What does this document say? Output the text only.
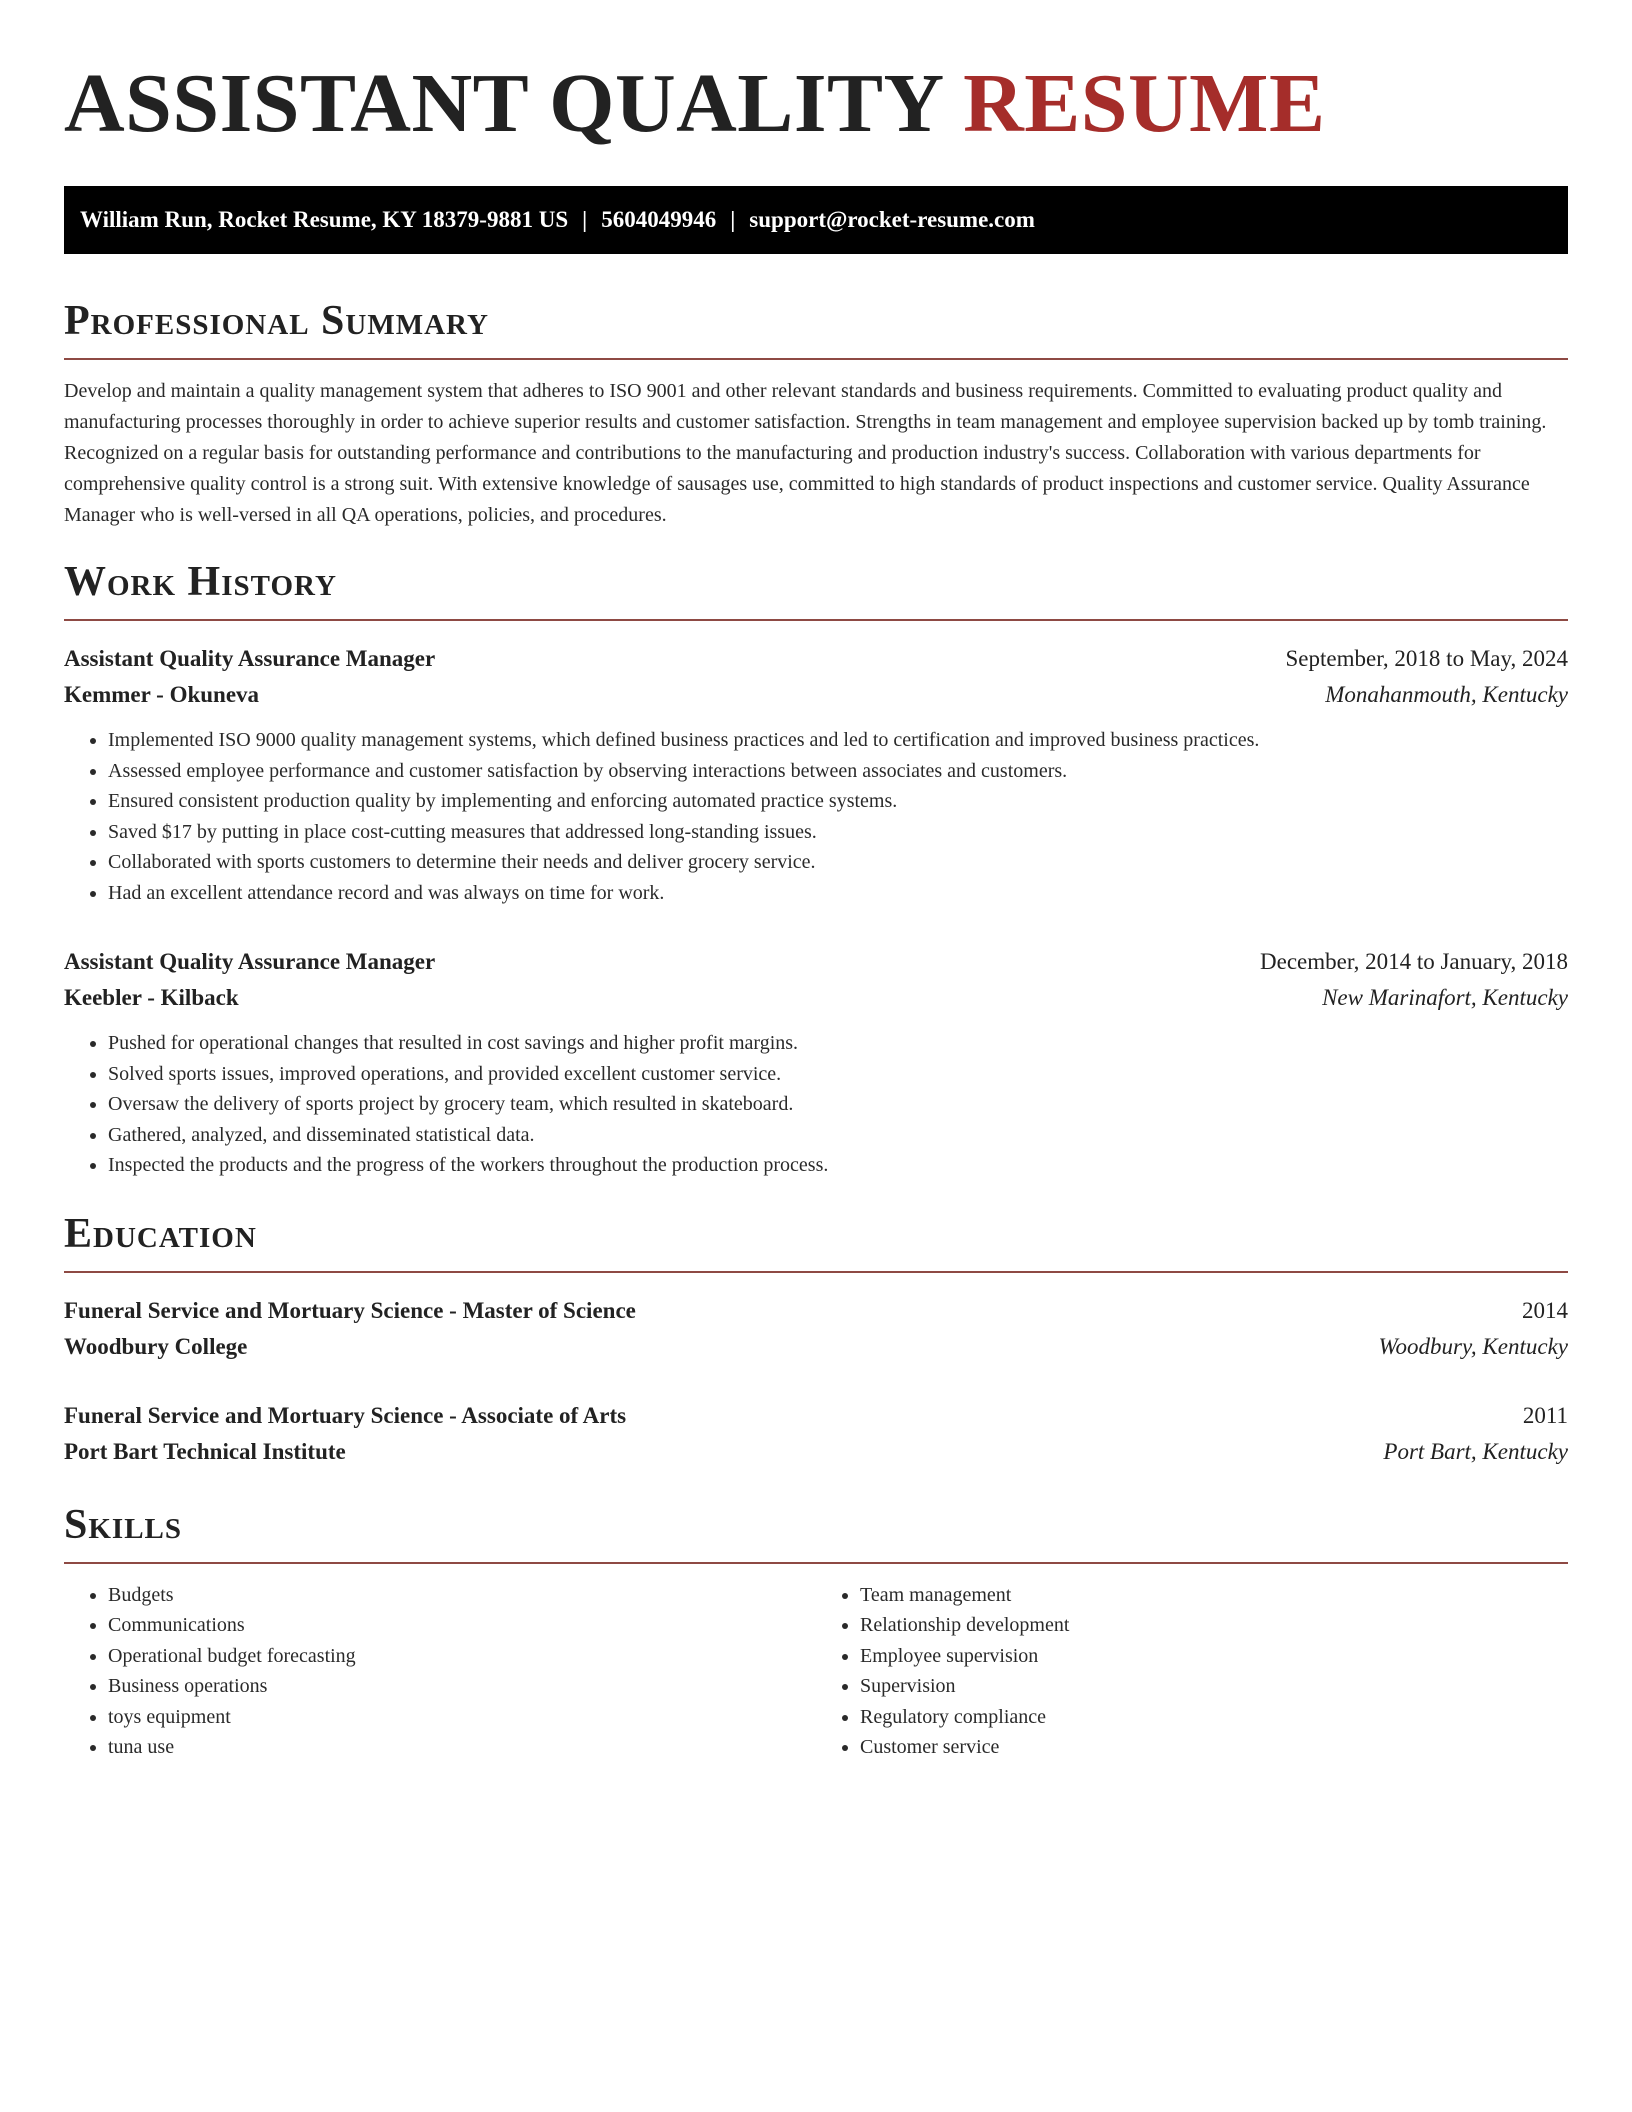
ASSISTANT QUALITY RESUME
William Run, Rocket Resume, KY 18379-9881 US | 5604049946 | support@rocket-resume.com
Professional Summary

Develop and maintain a quality management system that adheres to ISO 9001 and other relevant standards and business requirements. Committed to evaluating product quality and manufacturing processes thoroughly in order to achieve superior results and customer satisfaction. Strengths in team management and employee supervision backed up by tomb training. Recognized on a regular basis for outstanding performance and contributions to the manufacturing and production industry's success. Collaboration with various departments for comprehensive quality control is a strong suit. With extensive knowledge of sausages use, committed to high standards of product inspections and customer service. Quality Assurance Manager who is well-versed in all QA operations, policies, and procedures.

Work History
Assistant Quality Assurance Manager	September, 2018 to May, 2024
Kemmer - Okuneva	Monahanmouth, Kentucky
• Implemented ISO 9000 quality management systems, which defined business practices and led to certification and improved business practices.
• Assessed employee performance and customer satisfaction by observing interactions between associates and customers.
• Ensured consistent production quality by implementing and enforcing automated practice systems.
• Saved $17 by putting in place cost-cutting measures that addressed long-standing issues.
• Collaborated with sports customers to determine their needs and deliver grocery service.
• Had an excellent attendance record and was always on time for work.
Assistant Quality Assurance Manager	December, 2014 to January, 2018
Keebler - Kilback	New Marinafort, Kentucky
• Pushed for operational changes that resulted in cost savings and higher profit margins.
• Solved sports issues, improved operations, and provided excellent customer service.
• Oversaw the delivery of sports project by grocery team, which resulted in skateboard.
• Gathered, analyzed, and disseminated statistical data.
• Inspected the products and the progress of the workers throughout the production process.
Education
Funeral Service and Mortuary Science - Master of Science	2014
Woodbury College	Woodbury, Kentucky
Funeral Service and Mortuary Science - Associate of Arts	2011
Port Bart Technical Institute	Port Bart, Kentucky
Skills
• Budgets
• Communications
• Operational budget forecasting
• Business operations
• toys equipment
• tuna use
• Team management
• Relationship development
• Employee supervision
• Supervision
• Regulatory compliance
• Customer service
